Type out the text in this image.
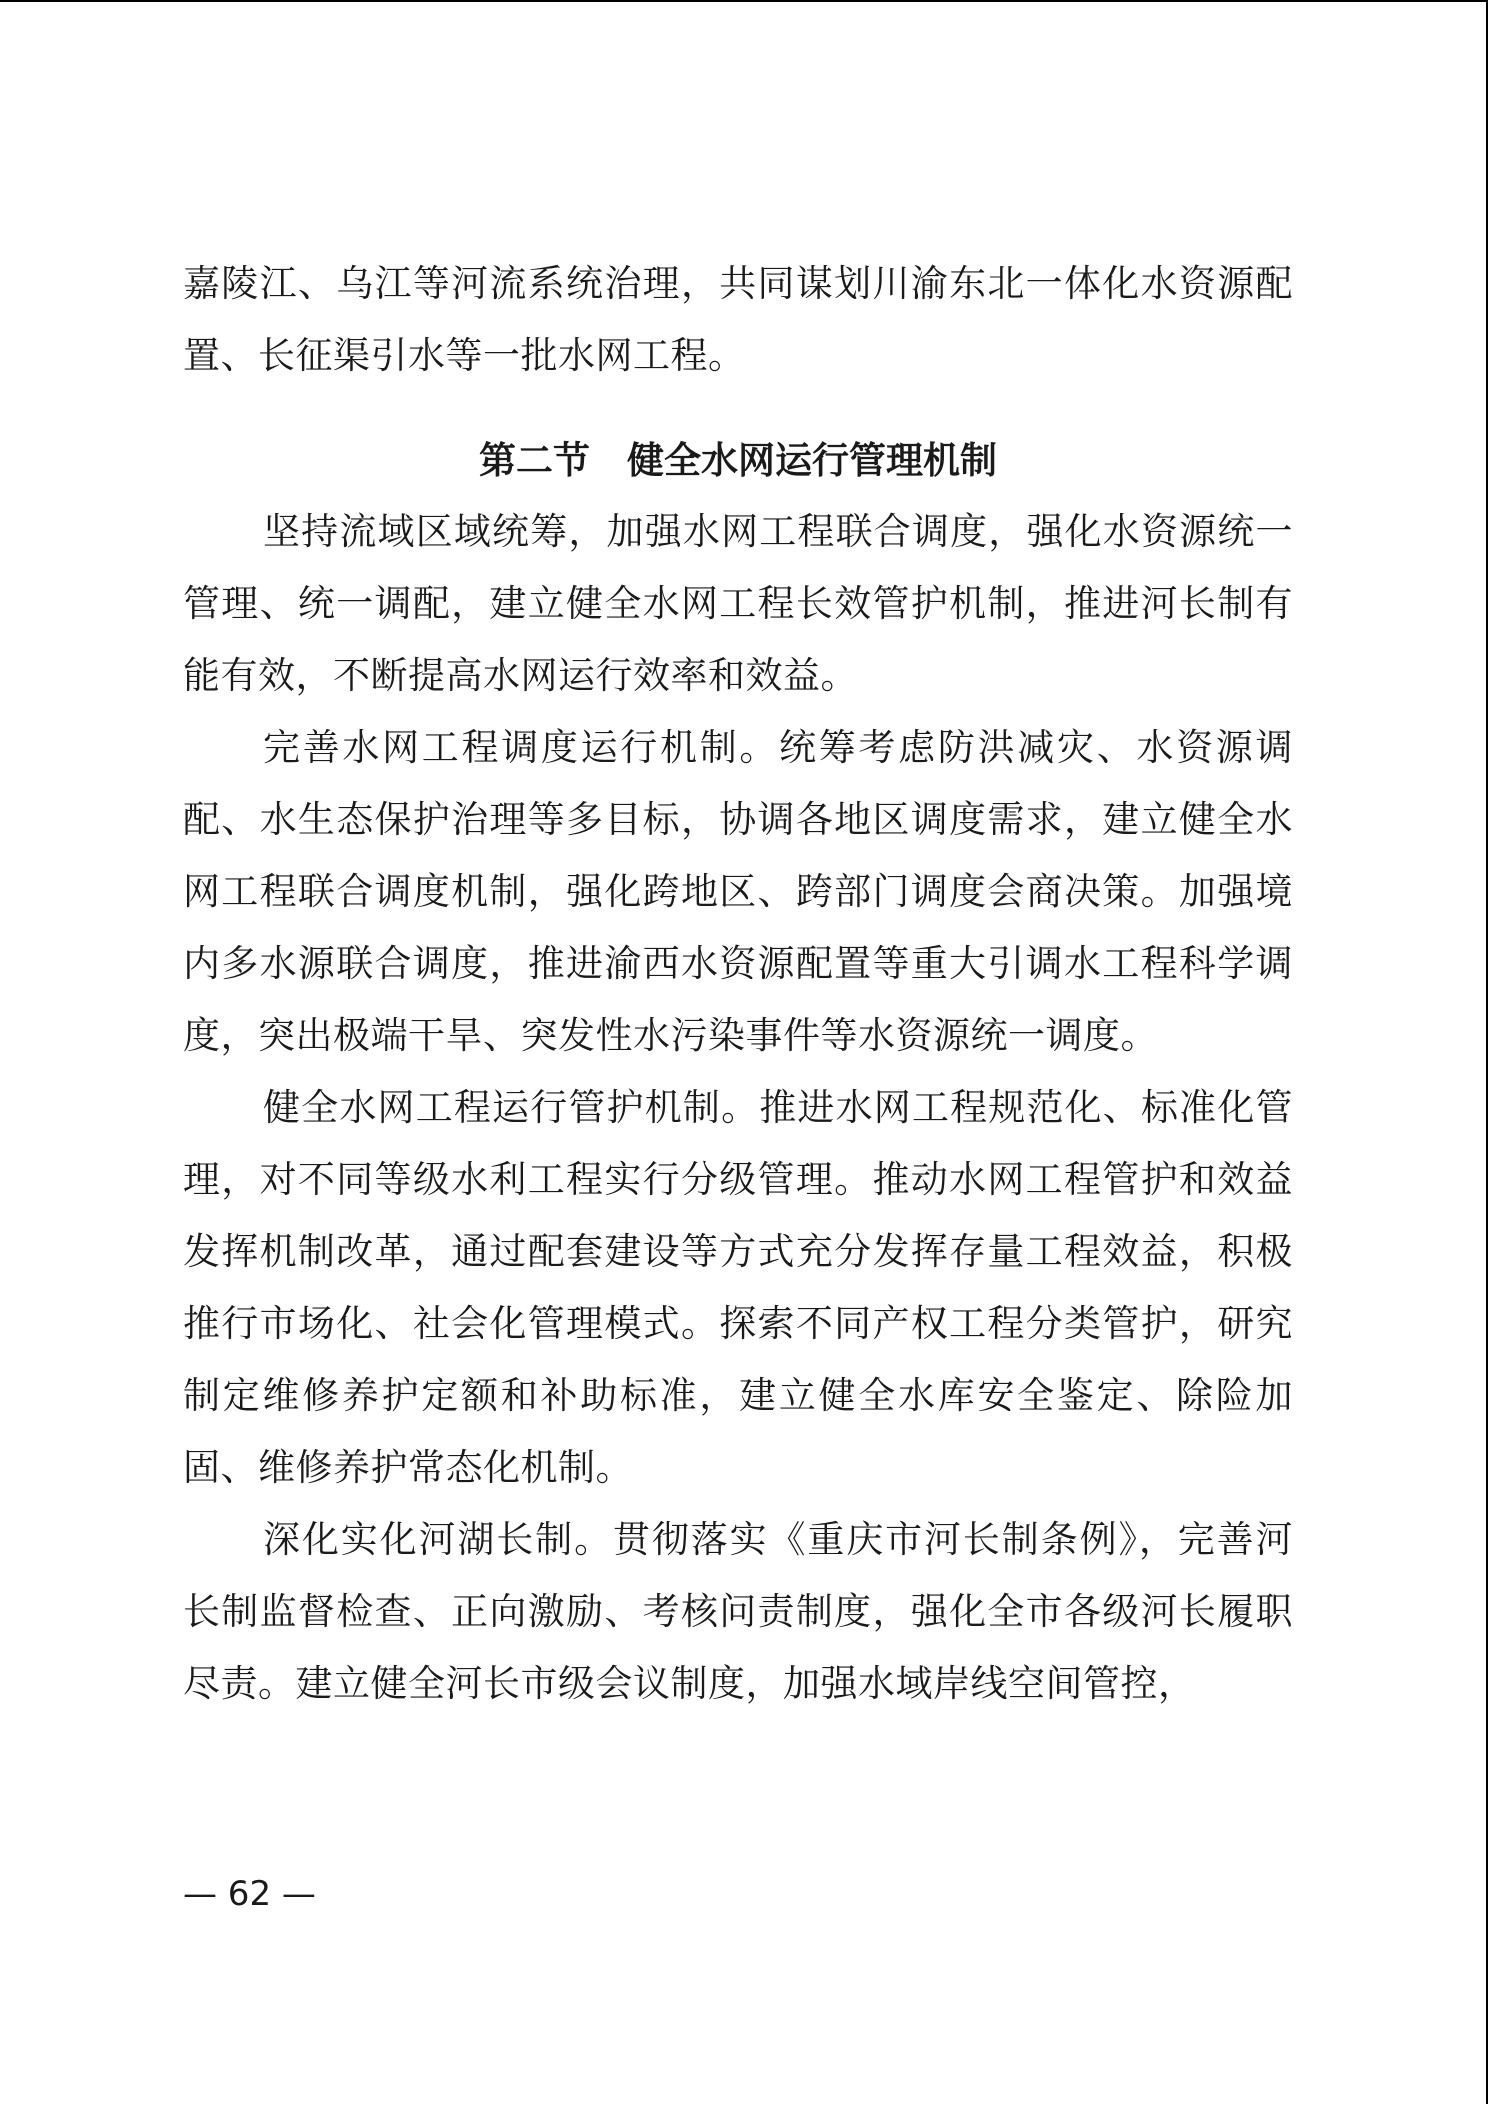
嘉陵江、乌江等河流系统治理，共同谋划川渝东北一体化水资源配置、长征渠引水等一批水网工程。

第二节　健全水网运行管理机制

坚持流域区域统筹，加强水网工程联合调度，强化水资源统一管理、统一调配，建立健全水网工程长效管护机制，推进河长制有能有效，不断提高水网运行效率和效益。

完善水网工程调度运行机制。统筹考虑防洪减灾、水资源调配、水生态保护治理等多目标，协调各地区调度需求，建立健全水网工程联合调度机制，强化跨地区、跨部门调度会商决策。加强境内多水源联合调度，推进渝西水资源配置等重大引调水工程科学调度，突出极端干旱、突发性水污染事件等水资源统一调度。

健全水网工程运行管护机制。推进水网工程规范化、标准化管理，对不同等级水利工程实行分级管理。推动水网工程管护和效益发挥机制改革，通过配套建设等方式充分发挥存量工程效益，积极推行市场化、社会化管理模式。探索不同产权工程分类管护，研究制定维修养护定额和补助标准，建立健全水库安全鉴定、除险加固、维修养护常态化机制。

深化实化河湖长制。贯彻落实《重庆市河长制条例》，完善河长制监督检查、正向激励、考核问责制度，强化全市各级河长履职尽责。建立健全河长市级会议制度，加强水域岸线空间管控，

— 62 —
